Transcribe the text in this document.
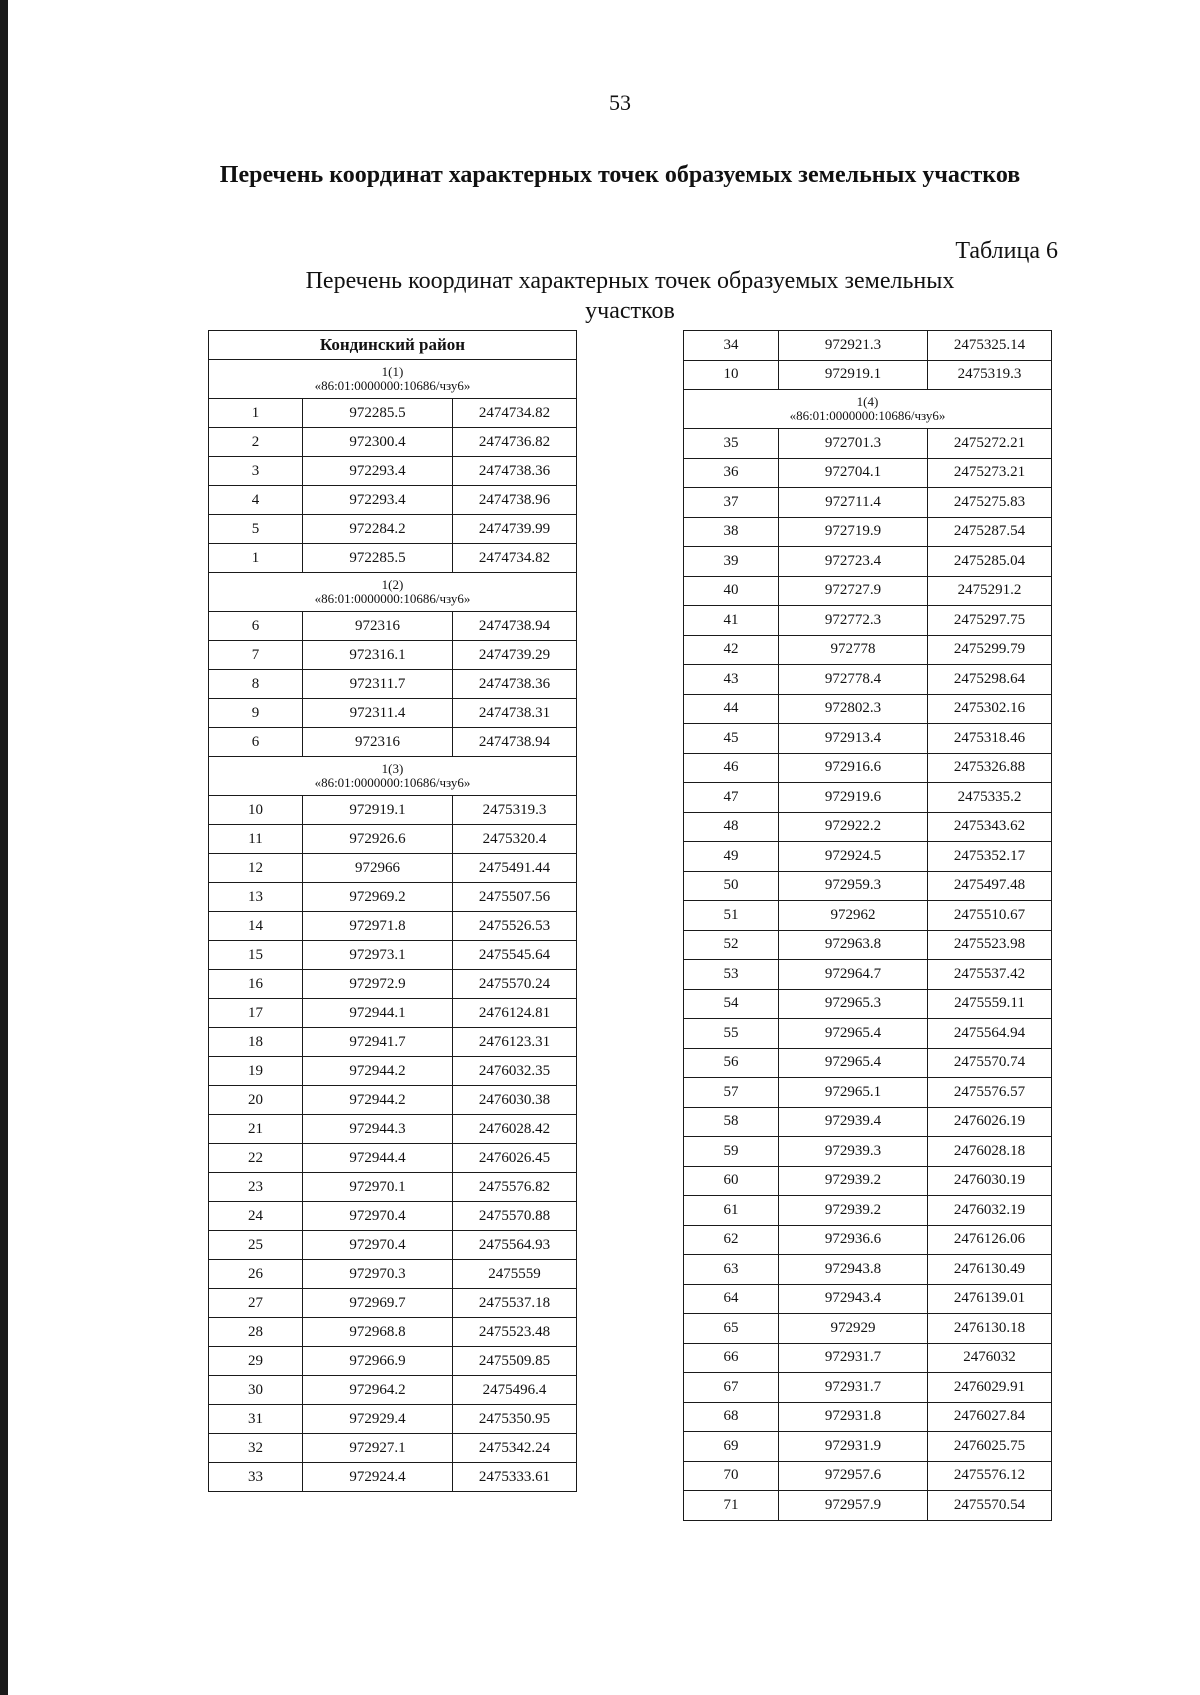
53
Перечень координат характерных точек образуемых земельных участков
Таблица 6
Перечень координат характерных точек образуемых земельных участков
Кондинский район		

1(1)
«86:01:0000000:10686/чзу6»		

1	972285.5	2474734.82
2	972300.4	2474736.82
3	972293.4	2474738.36
4	972293.4	2474738.96
5	972284.2	2474739.99
1	972285.5	2474734.82

1(2)
«86:01:0000000:10686/чзу6»		

6	972316	2474738.94
7	972316.1	2474739.29
8	972311.7	2474738.36
9	972311.4	2474738.31
6	972316	2474738.94

1(3)
«86:01:0000000:10686/чзу6»		

10	972919.1	2475319.3
11	972926.6	2475320.4
12	972966	2475491.44
13	972969.2	2475507.56
14	972971.8	2475526.53
15	972973.1	2475545.64
16	972972.9	2475570.24
17	972944.1	2476124.81
18	972941.7	2476123.31
19	972944.2	2476032.35
20	972944.2	2476030.38
21	972944.3	2476028.42
22	972944.4	2476026.45
23	972970.1	2475576.82
24	972970.4	2475570.88
25	972970.4	2475564.93
26	972970.3	2475559
27	972969.7	2475537.18
28	972968.8	2475523.48
29	972966.9	2475509.85
30	972964.2	2475496.4
31	972929.4	2475350.95
32	972927.1	2475342.24
33	972924.4	2475333.61
34	972921.3	2475325.14
10	972919.1	2475319.3

1(4)
«86:01:0000000:10686/чзу6»		

35	972701.3	2475272.21
36	972704.1	2475273.21
37	972711.4	2475275.83
38	972719.9	2475287.54
39	972723.4	2475285.04
40	972727.9	2475291.2
41	972772.3	2475297.75
42	972778	2475299.79
43	972778.4	2475298.64
44	972802.3	2475302.16
45	972913.4	2475318.46
46	972916.6	2475326.88
47	972919.6	2475335.2
48	972922.2	2475343.62
49	972924.5	2475352.17
50	972959.3	2475497.48
51	972962	2475510.67
52	972963.8	2475523.98
53	972964.7	2475537.42
54	972965.3	2475559.11
55	972965.4	2475564.94
56	972965.4	2475570.74
57	972965.1	2475576.57
58	972939.4	2476026.19
59	972939.3	2476028.18
60	972939.2	2476030.19
61	972939.2	2476032.19
62	972936.6	2476126.06
63	972943.8	2476130.49
64	972943.4	2476139.01
65	972929	2476130.18
66	972931.7	2476032
67	972931.7	2476029.91
68	972931.8	2476027.84
69	972931.9	2476025.75
70	972957.6	2475576.12
71	972957.9	2475570.54
